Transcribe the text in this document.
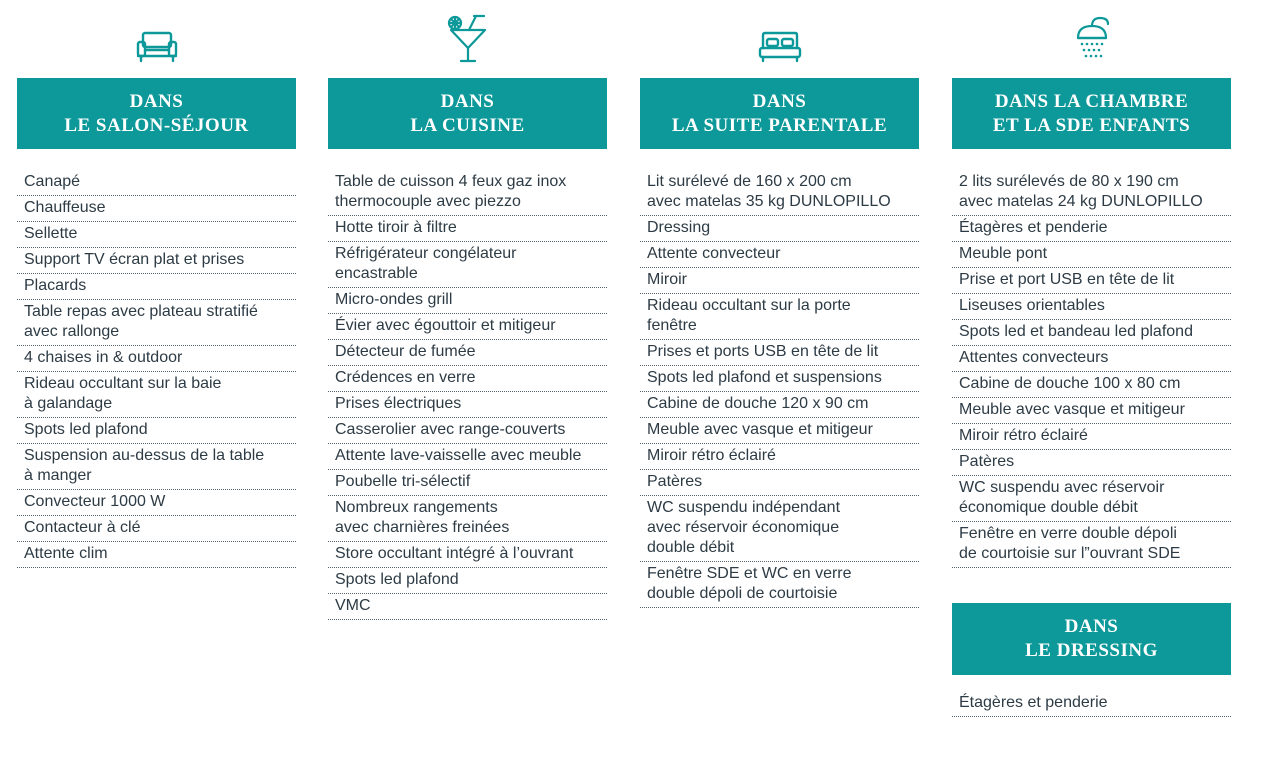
DANS
LE SALON-SÉJOUR
Canapé
Chauffeuse
Sellette
Support TV écran plat et prises
Placards
Table repas avec plateau stratifié
avec rallonge
4 chaises in & outdoor
Rideau occultant sur la baie
à galandage
Spots led plafond
Suspension au-dessus de la table
à manger
Convecteur 1000 W
Contacteur à clé
Attente clim
DANS
LA CUISINE
Table de cuisson 4 feux gaz inox
thermocouple avec piezzo
Hotte tiroir à filtre
Réfrigérateur congélateur
encastrable
Micro-ondes grill
Évier avec égouttoir et mitigeur
Détecteur de fumée
Crédences en verre
Prises électriques
Casserolier avec range-couverts
Attente lave-vaisselle avec meuble
Poubelle tri-sélectif
Nombreux rangements
avec charnières freinées
Store occultant intégré à l’ouvrant
Spots led plafond
VMC
DANS
LA SUITE PARENTALE
Lit surélevé de 160 x 200 cm
avec matelas 35 kg DUNLOPILLO
Dressing
Attente convecteur
Miroir
Rideau occultant sur la porte
fenêtre
Prises et ports USB en tête de lit
Spots led plafond et suspensions
Cabine de douche 120 x 90 cm
Meuble avec vasque et mitigeur
Miroir rétro éclairé
Patères
WC suspendu indépendant
avec réservoir économique
double débit
Fenêtre SDE et WC en verre
double dépoli de courtoisie
DANS LA CHAMBRE
ET LA SDE ENFANTS
2 lits surélevés de 80 x 190 cm
avec matelas 24 kg DUNLOPILLO
Étagères et penderie
Meuble pont
Prise et port USB en tête de lit
Liseuses orientables
Spots led et bandeau led plafond
Attentes convecteurs
Cabine de douche 100 x 80 cm
Meuble avec vasque et mitigeur
Miroir rétro éclairé
Patères
WC suspendu avec réservoir
économique double débit
Fenêtre en verre double dépoli
de courtoisie sur l”ouvrant SDE
DANS
LE DRESSING
Étagères et penderie
